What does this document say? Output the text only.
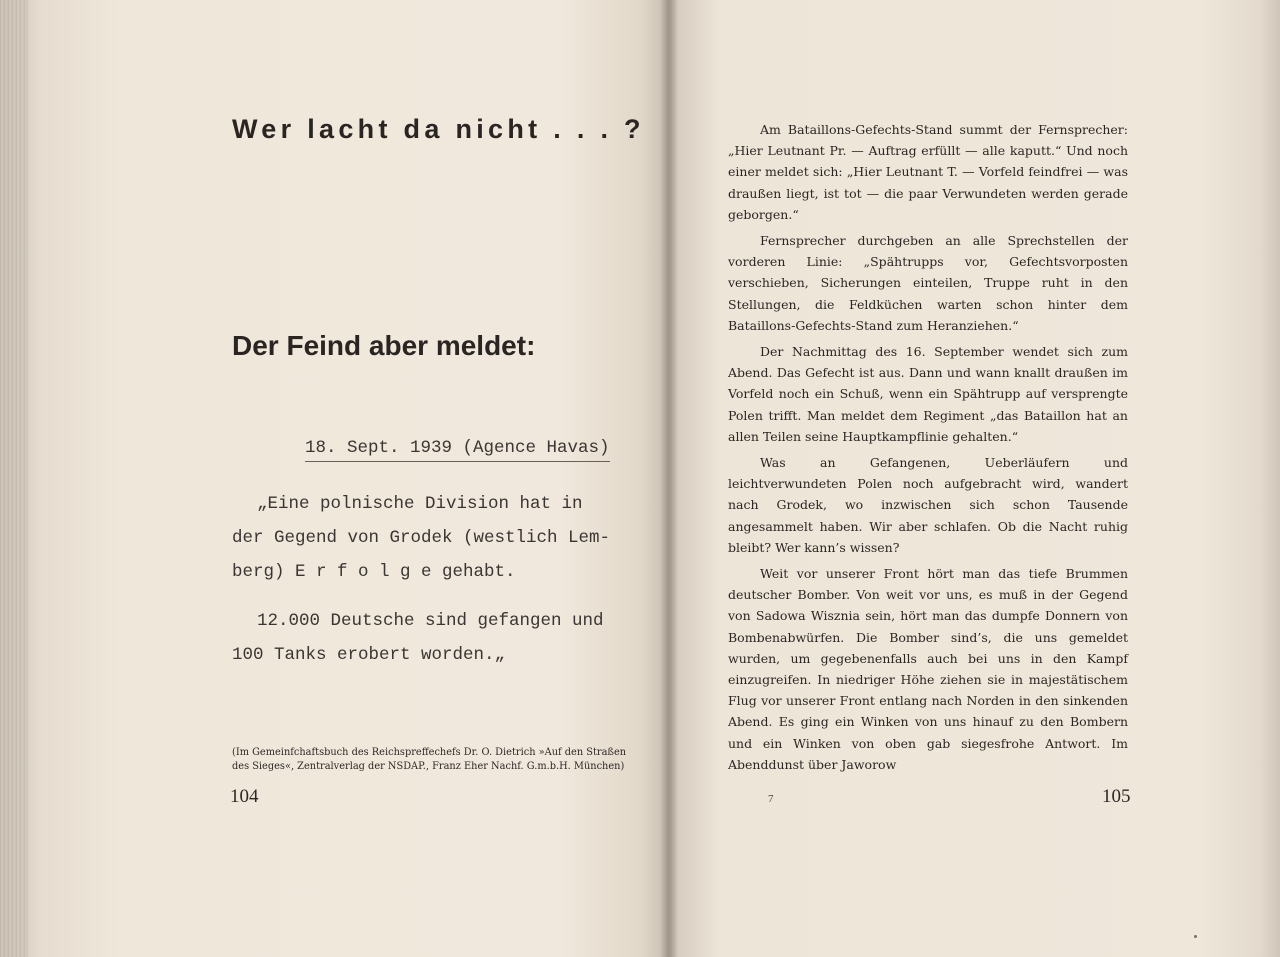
Wer lacht da nicht . . . ?
Der Feind aber meldet:
18. Sept. 1939 (Agence Havas)
„Eine polnische Division hat in
der Gegend von Grodek (westlich Lem-
berg) E r f o l g e gehabt.
12.000 Deutsche sind gefangen und
100 Tanks erobert worden.„
(Im Gemeinfchaftsbuch des Reichspreffechefs Dr. O. Dietrich »Auf den Straßen
des Sieges«, Zentralverlag der NSDAP., Franz Eher Nachf. G.m.b.H. München)
104

Am Bataillons-Gefechts-Stand summt der Fernsprecher: „Hier Leutnant Pr. — Auftrag erfüllt — alle kaputt.“ Und noch einer meldet sich: „Hier Leutnant T. — Vorfeld feindfrei — was draußen liegt, ist tot — die paar Verwundeten werden gerade geborgen.“

Fernsprecher durchgeben an alle Sprechstellen der vorderen Linie: „Spähtrupps vor, Gefechtsvorposten verschieben, Sicherungen einteilen, Truppe ruht in den Stellungen, die Feldküchen warten schon hinter dem Bataillons-Gefechts-Stand zum Heranziehen.“

Der Nachmittag des 16. September wendet sich zum Abend. Das Gefecht ist aus. Dann und wann knallt draußen im Vorfeld noch ein Schuß, wenn ein Spähtrupp auf versprengte Polen trifft. Man meldet dem Regiment „das Bataillon hat an allen Teilen seine Hauptkampflinie gehalten.“

Was an Gefangenen, Ueberläufern und leichtverwundeten Polen noch aufgebracht wird, wandert nach Grodek, wo inzwischen sich schon Tausende angesammelt haben. Wir aber schlafen. Ob die Nacht ruhig bleibt? Wer kann’s wissen?

Weit vor unserer Front hört man das tiefe Brummen deutscher Bomber. Von weit vor uns, es muß in der Gegend von Sadowa Wisznia sein, hört man das dumpfe Donnern von Bombenabwürfen. Die Bomber sind’s, die uns gemeldet wurden, um gegebenenfalls auch bei uns in den Kampf einzugreifen. In niedriger Höhe ziehen sie in majestätischem Flug vor unserer Front entlang nach Norden in den sinkenden Abend. Es ging ein Winken von uns hinauf zu den Bombern und ein Winken von oben gab siegesfrohe Antwort. Im Abenddunst über Jaworow

7	105
